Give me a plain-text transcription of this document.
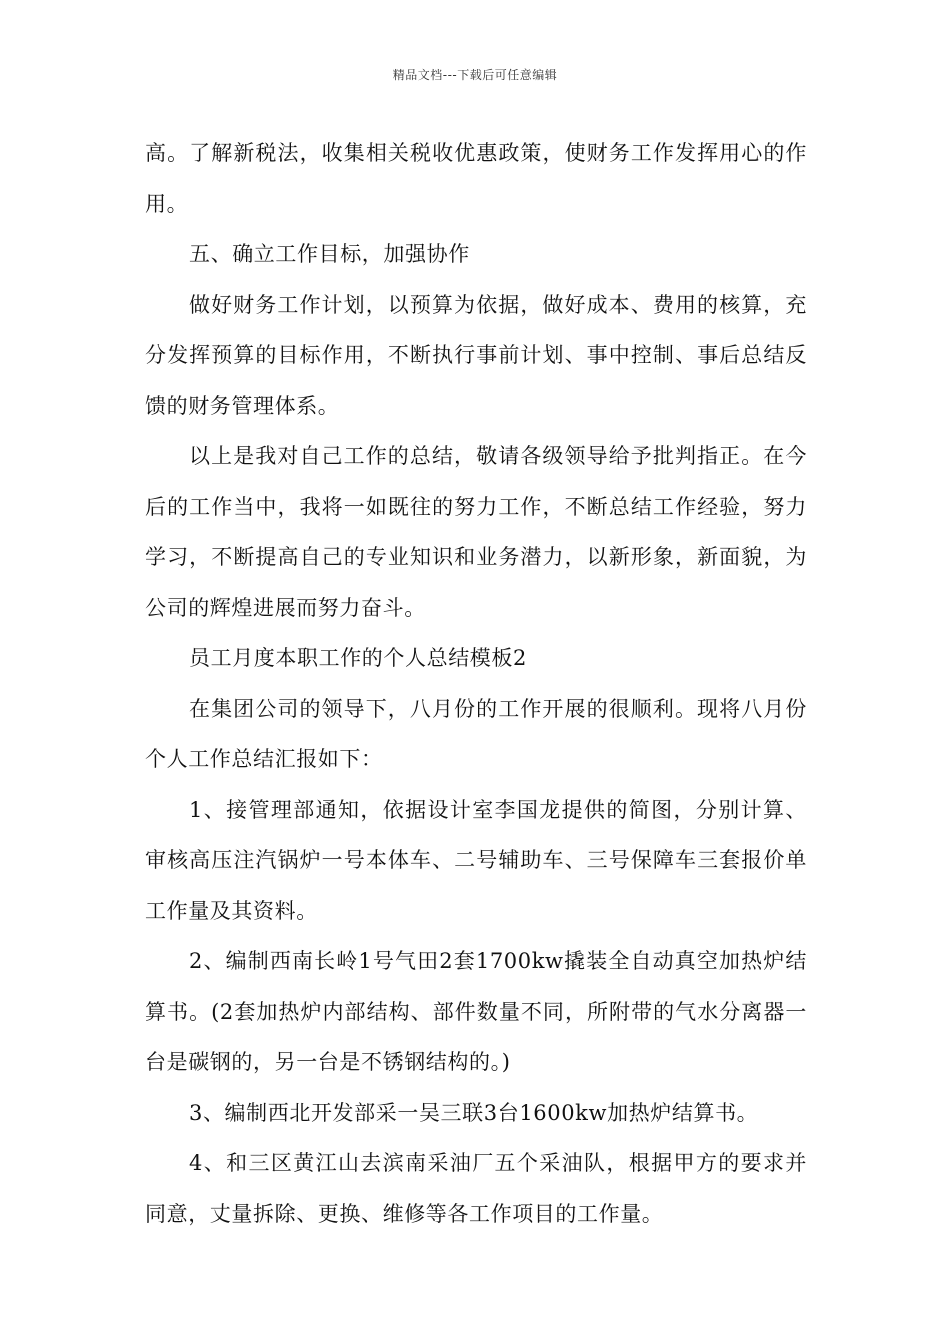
精品文档---下载后可任意编辑

高。了解新税法，收集相关税收优惠政策，使财务工作发挥用心的作用。

五、确立工作目标，加强协作

做好财务工作计划，以预算为依据，做好成本、费用的核算，充分发挥预算的目标作用，不断执行事前计划、事中控制、事后总结反馈的财务管理体系。

以上是我对自己工作的总结，敬请各级领导给予批判指正。在今后的工作当中，我将一如既往的努力工作，不断总结工作经验，努力学习，不断提高自己的专业知识和业务潜力，以新形象，新面貌，为公司的辉煌进展而努力奋斗。

员工月度本职工作的个人总结模板2

在集团公司的领导下，八月份的工作开展的很顺利。现将八月份个人工作总结汇报如下：

1、接管理部通知，依据设计室李国龙提供的简图，分别计算、审核高压注汽锅炉一号本体车、二号辅助车、三号保障车三套报价单工作量及其资料。

2、编制西南长岭1号气田2套1700kw撬装全自动真空加热炉结算书。(2套加热炉内部结构、部件数量不同，所附带的气水分离器一台是碳钢的，另一台是不锈钢结构的。)

3、编制西北开发部采一吴三联3台1600kw加热炉结算书。

4、和三区黄江山去滨南采油厂五个采油队，根据甲方的要求并同意，丈量拆除、更换、维修等各工作项目的工作量。
